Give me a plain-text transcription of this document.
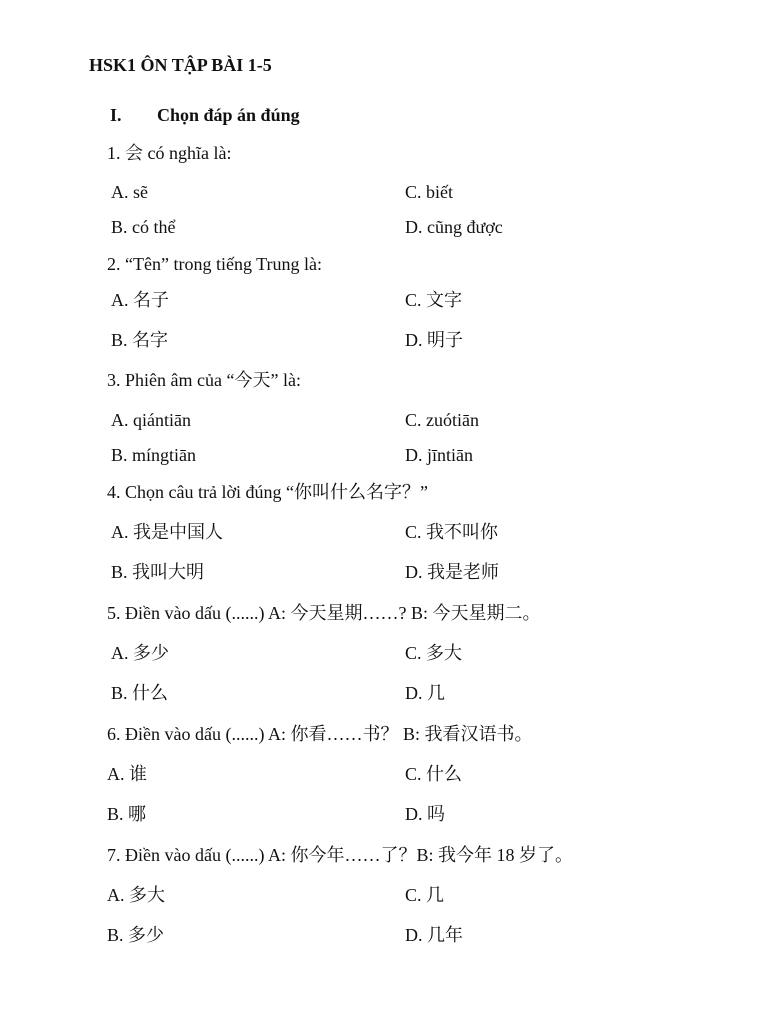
HSK1 ÔN TẬP BÀI 1-5
I. Chọn đáp án đúng
1. 会 có nghĩa là:
A. sẽ	C. biết
B. có thể	D. cũng được
2. “Tên” trong tiếng Trung là:
A. 名子	C. 文字
B. 名字	D. 明子
3. Phiên âm của “今天” là:
A. qiántiān	C. zuótiān
B. míngtiān	D. jīntiān
4. Chọn câu trả lời đúng “你叫什么名字？”
A. 我是中国人	C. 我不叫你
B. 我叫大明	D. 我是老师
5. Điền vào dấu (......) A: 今天星期……? B: 今天星期二。
A. 多少	C. 多大
B. 什么	D. 几
6. Điền vào dấu (......) A: 你看……书？ B: 我看汉语书。
A. 谁	C. 什么
B. 哪	D. 吗
7. Điền vào dấu (......) A: 你今年……了？B: 我今年 18 岁了。
A. 多大	C. 几
B. 多少	D. 几年
